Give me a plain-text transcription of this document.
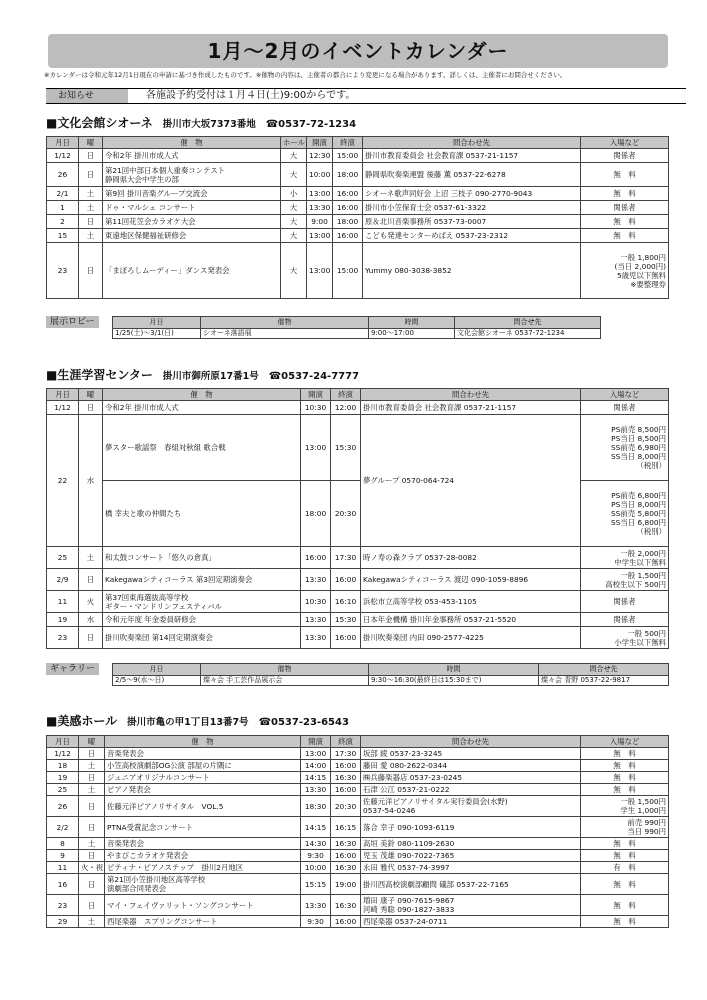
1月～2月のイベントカレンダー
※カレンダーは令和元年12月1日現在の申請に基づき作成したものです。※催物の内容は、主催者の都合により変更になる場合があります。詳しくは、主催者にお問合せください。
お知らせ	各施設予約受付は１月４日(土)9:00からです。
■文化会館シオーネ 掛川市大坂7373番地 ☎0537-72-1234
月日	曜	催　物	ホール	開演	終演	問合わせ先	入場など
1/12	日	令和2年 掛川市成人式	大	12:30	15:00	掛川市教育委員会 社会教育課 0537-21-1157	関係者
26	日	第21回中部日本個人重奏コンテスト
静岡県大会中学生の部	大	10:00	18:00	静岡県吹奏楽連盟 後藤 薫 0537-22-6278	無　料
2/1	土	第9回 掛川音楽グループ交流会	小	13:00	16:00	シオーネ歌声同好会 上沼 三枝子 090-2770-9043	無　料
1	土	ドゥ・マルシェ コンサート	大	13:30	16:00	掛川市小笠保育士会 0537-61-3322	関係者
2	日	第11回花笠会カラオケ大会	大	9:00	18:00	原＆北川音楽事務所 0537-73-0007	無　料
15	土	東遠地区保健福祉研修会	大	13:00	16:00	こども発達センターめばえ 0537-23-2312	無　料
23	日	「まぼろしムーディー」ダンス発表会	大	13:00	15:00	Yummy 080-3038-3852	一般 1,800円
(当日 2,000円)
5歳児以下無料
※要整理券
展示ロビー	月日	催物	時間	問合せ先
1/25(土)～3/1(日)	シオーネ落語展	9:00～17:00	文化会館シオーネ 0537-72-1234
■生涯学習センター 掛川市御所原17番1号 ☎0537-24-7777
月日	曜	催　物	開演	終演	問合わせ先	入場など
1/12	日	令和2年 掛川市成人式	10:30	12:00	掛川市教育委員会 社会教育課 0537-21-1157	関係者
22	水	夢スター歌謡祭　春組対秋組 歌合戦	13:00	15:30	夢グループ 0570-064-724	PS前売 8,500円
PS当日 8,500円
SS前売 6,980円
SS当日 8,000円
（税別）
		橋 幸夫と歌の仲間たち	18:00	20:30		PS前売 6,800円
PS当日 8,000円
SS前売 5,800円
SS当日 6,800円
（税別）
25	土	和太鼓コンサート「悠久の倉真」	16:00	17:30	時ノ寿の森クラブ 0537-28-0082	一般 2,000円
中学生以下無料
2/9	日	Kakegawaシティコーラス 第3回定期演奏会	13:30	16:00	Kakegawaシティコーラス 渡辺 090-1059-8896	一般 1,500円
高校生以下 500円
11	火	第37回東海選抜高等学校
ギター・マンドリンフェスティバル	10:30	16:10	浜松市立高等学校 053-453-1105	関係者
19	水	令和元年度 年金委員研修会	13:30	15:30	日本年金機構 掛川年金事務所 0537-21-5520	関係者
23	日	掛川吹奏楽団 第14回定期演奏会	13:30	16:00	掛川吹奏楽団 内田 090-2577-4225	一般 500円
小学生以下無料
ギャラリー	月日	催物	時間	問合せ先
2/5～9(水～日)	燦々会 手工芸作品展示会	9:30～16:30(最終日は15:30まで)	燦々会 青野 0537-22-9817
■美感ホール 掛川市亀の甲1丁目13番7号 ☎0537-23-6543
月日	曜	催　物	開演	終演	問合わせ先	入場など
1/12	日	音楽発表会	13:00	17:30	坂部 綾 0537-23-3245	無　料
18	土	小笠高校演劇部OG公演 部屋の片隅に	14:00	16:00	藤田 愛 080-2622-0344	無　料
19	日	ジュニアオリジナルコンサート	14:15	16:30	㈱兵藤楽器店 0537-23-0245	無　料
25	土	ピアノ発表会	13:30	16:00	石津 公江 0537-21-0222	無　料
26	日	佐藤元洋ピアノリサイタル　VOL.5	18:30	20:30	佐藤元洋ピアノリサイタル実行委員会(水野)
0537-54-0246	一般 1,500円
学生 1,000円
2/2	日	PTNA受賞記念コンサート	14:15	16:15	落合 幸子 090-1093-6119	前売 990円
当日 990円
8	土	音楽発表会	14:30	16:30	高垣 美鈴 080-1109-2630	無　料
9	日	やまびこカラオケ発表会	9:30	16:00	児玉 茂雄 090-7022-7365	無　料
11	火・祝	ピティナ・ピアノステップ　掛川2月地区	10:00	16:30	永田 雅代 0537-74-3997	有　料
16	日	第21回小笠掛川地区高等学校
演劇部合同発表会	15:15	19:00	掛川西高校演劇部顧問 礒部 0537-22-7165	無　料
23	日	マイ・フェイヴァリット・ソングコンサート	13:30	16:30	増田 康子 090-7615-9867
河崎 秀聡 090-1827-3833	無　料
29	土	西尾楽器　スプリングコンサート	9:30	16:00	西尾楽器 0537-24-0711	無　料
